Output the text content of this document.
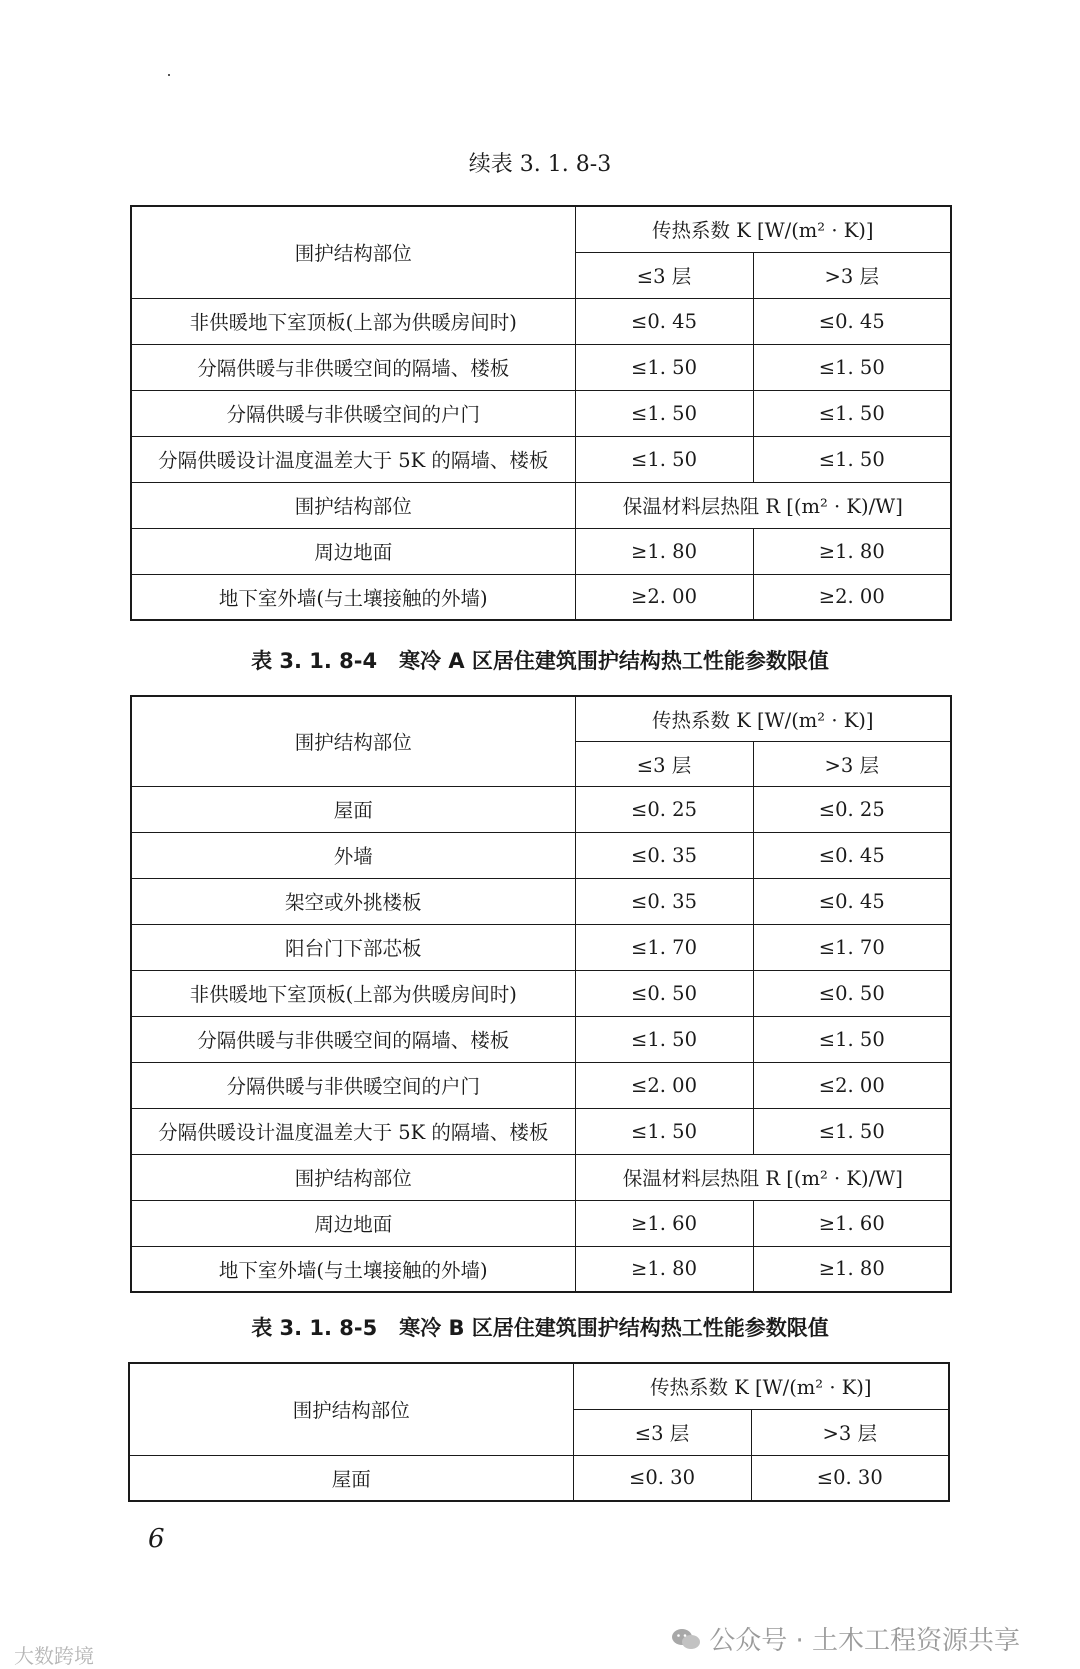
续表 3. 1. 8-3
围护结构部位	传热系数 K [W/(m² · K)]	
	≤3 层	>3 层
非供暖地下室顶板(上部为供暖房间时)	≤0. 45	≤0. 45
分隔供暖与非供暖空间的隔墙、楼板	≤1. 50	≤1. 50
分隔供暖与非供暖空间的户门	≤1. 50	≤1. 50
分隔供暖设计温度温差大于 5K 的隔墙、楼板	≤1. 50	≤1. 50
围护结构部位	保温材料层热阻 R [(m² · K)/W]	
周边地面	≥1. 80	≥1. 80
地下室外墙(与土壤接触的外墙)	≥2. 00	≥2. 00
表 3. 1. 8-4   寒冷 A 区居住建筑围护结构热工性能参数限值
围护结构部位	传热系数 K [W/(m² · K)]	
	≤3 层	>3 层
屋面	≤0. 25	≤0. 25
外墙	≤0. 35	≤0. 45
架空或外挑楼板	≤0. 35	≤0. 45
阳台门下部芯板	≤1. 70	≤1. 70
非供暖地下室顶板(上部为供暖房间时)	≤0. 50	≤0. 50
分隔供暖与非供暖空间的隔墙、楼板	≤1. 50	≤1. 50
分隔供暖与非供暖空间的户门	≤2. 00	≤2. 00
分隔供暖设计温度温差大于 5K 的隔墙、楼板	≤1. 50	≤1. 50
围护结构部位	保温材料层热阻 R [(m² · K)/W]	
周边地面	≥1. 60	≥1. 60
地下室外墙(与土壤接触的外墙)	≥1. 80	≥1. 80
表 3. 1. 8-5   寒冷 B 区居住建筑围护结构热工性能参数限值
围护结构部位	传热系数 K [W/(m² · K)]	
	≤3 层	>3 层
屋面	≤0. 30	≤0. 30
6
大数跨境	公众号 · 土木工程资源共享
